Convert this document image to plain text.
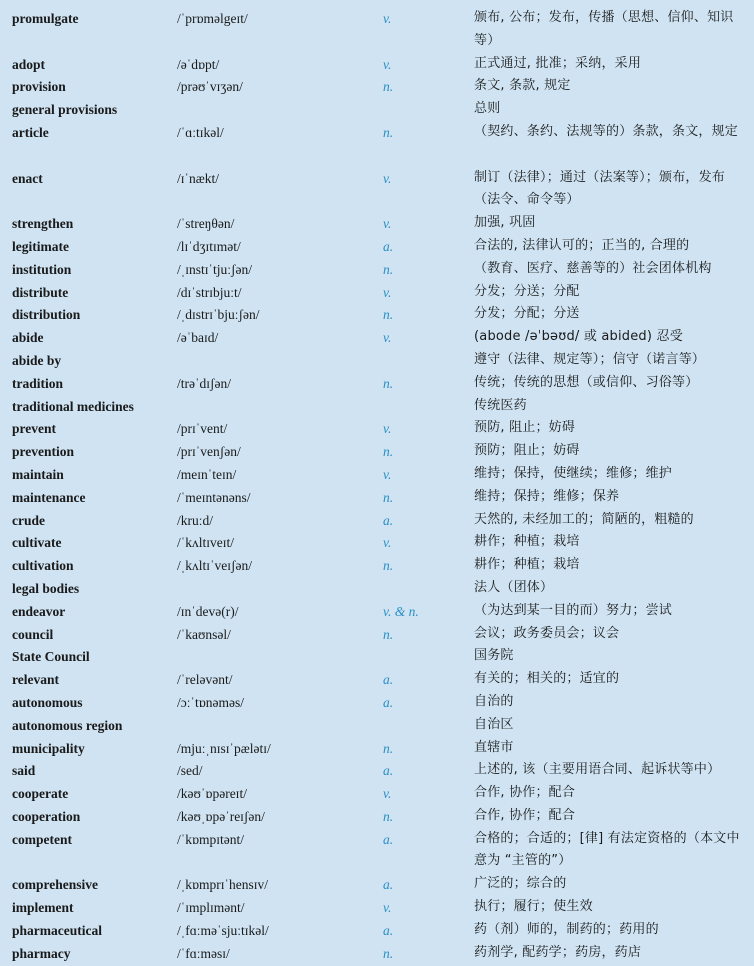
promulgate	/ˈprɒməlgeɪt/	v.	颁布, 公布；发布，传播（思想、信仰、知识等）
adopt	/əˈdɒpt/	v.	正式通过, 批准；采纳，采用
provision	/prəʊˈvɪʒən/	n.	条文, 条款, 规定
general provisions	总则
article	/ˈɑːtɪkəl/	n.	（契约、条约、法规等的）条款，条文，规定
enact	/ɪˈnækt/	v.	制订（法律）；通过（法案等）；颁布，发布（法令、命令等）
strengthen	/ˈstreŋθən/	v.	加强, 巩固
legitimate	/lɪˈdʒɪtɪmət/	a.	合法的, 法律认可的；正当的, 合理的
institution	/ˌɪnstɪˈtjuːʃən/	n.	（教育、医疗、慈善等的）社会团体机构
distribute	/dɪˈstrɪbjuːt/	v.	分发；分送；分配
distribution	/ˌdɪstrɪˈbjuːʃən/	n.	分发；分配；分送
abide	/əˈbaɪd/	v.	(abode /əˈbəʊd/ 或 abided) 忍受
abide by	遵守（法律、规定等）；信守（诺言等）
tradition	/trəˈdɪʃən/	n.	传统；传统的思想（或信仰、习俗等）
traditional medicines	传统医药
prevent	/prɪˈvent/	v.	预防, 阻止；妨碍
prevention	/prɪˈvenʃən/	n.	预防；阻止；妨碍
maintain	/meɪnˈteɪn/	v.	维持；保持，使继续；维修；维护
maintenance	/ˈmeɪntənəns/	n.	维持；保持；维修；保养
crude	/kruːd/	a.	天然的, 未经加工的；简陋的，粗糙的
cultivate	/ˈkʌltɪveɪt/	v.	耕作；种植；栽培
cultivation	/ˌkʌltɪˈveɪʃən/	n.	耕作；种植；栽培
legal bodies	法人（团体）
endeavor	/ɪnˈdevə(r)/	v. & n.	（为达到某一目的而）努力；尝试
council	/ˈkaʊnsəl/	n.	会议；政务委员会；议会
State Council	国务院
relevant	/ˈreləvənt/	a.	有关的；相关的；适宜的
autonomous	/ɔːˈtɒnəməs/	a.	自治的
autonomous region	自治区
municipality	/mjuːˌnɪsɪˈpælətɪ/	n.	直辖市
said	/sed/	a.	上述的, 该（主要用语合同、起诉状等中）
cooperate	/kəʊˈɒpəreɪt/	v.	合作, 协作；配合
cooperation	/kəʊˌɒpəˈreɪʃən/	n.	合作, 协作；配合
competent	/ˈkɒmpɪtənt/	a.	合格的；合适的；[律] 有法定资格的（本文中意为 “主管的”）
comprehensive	/ˌkɒmprɪˈhensɪv/	a.	广泛的；综合的
implement	/ˈɪmplɪmənt/	v.	执行；履行；使生效
pharmaceutical	/ˌfɑːməˈsjuːtɪkəl/	a.	药（剂）师的，制药的；药用的
pharmacy	/ˈfɑːməsɪ/	n.	药剂学, 配药学；药房，药店
